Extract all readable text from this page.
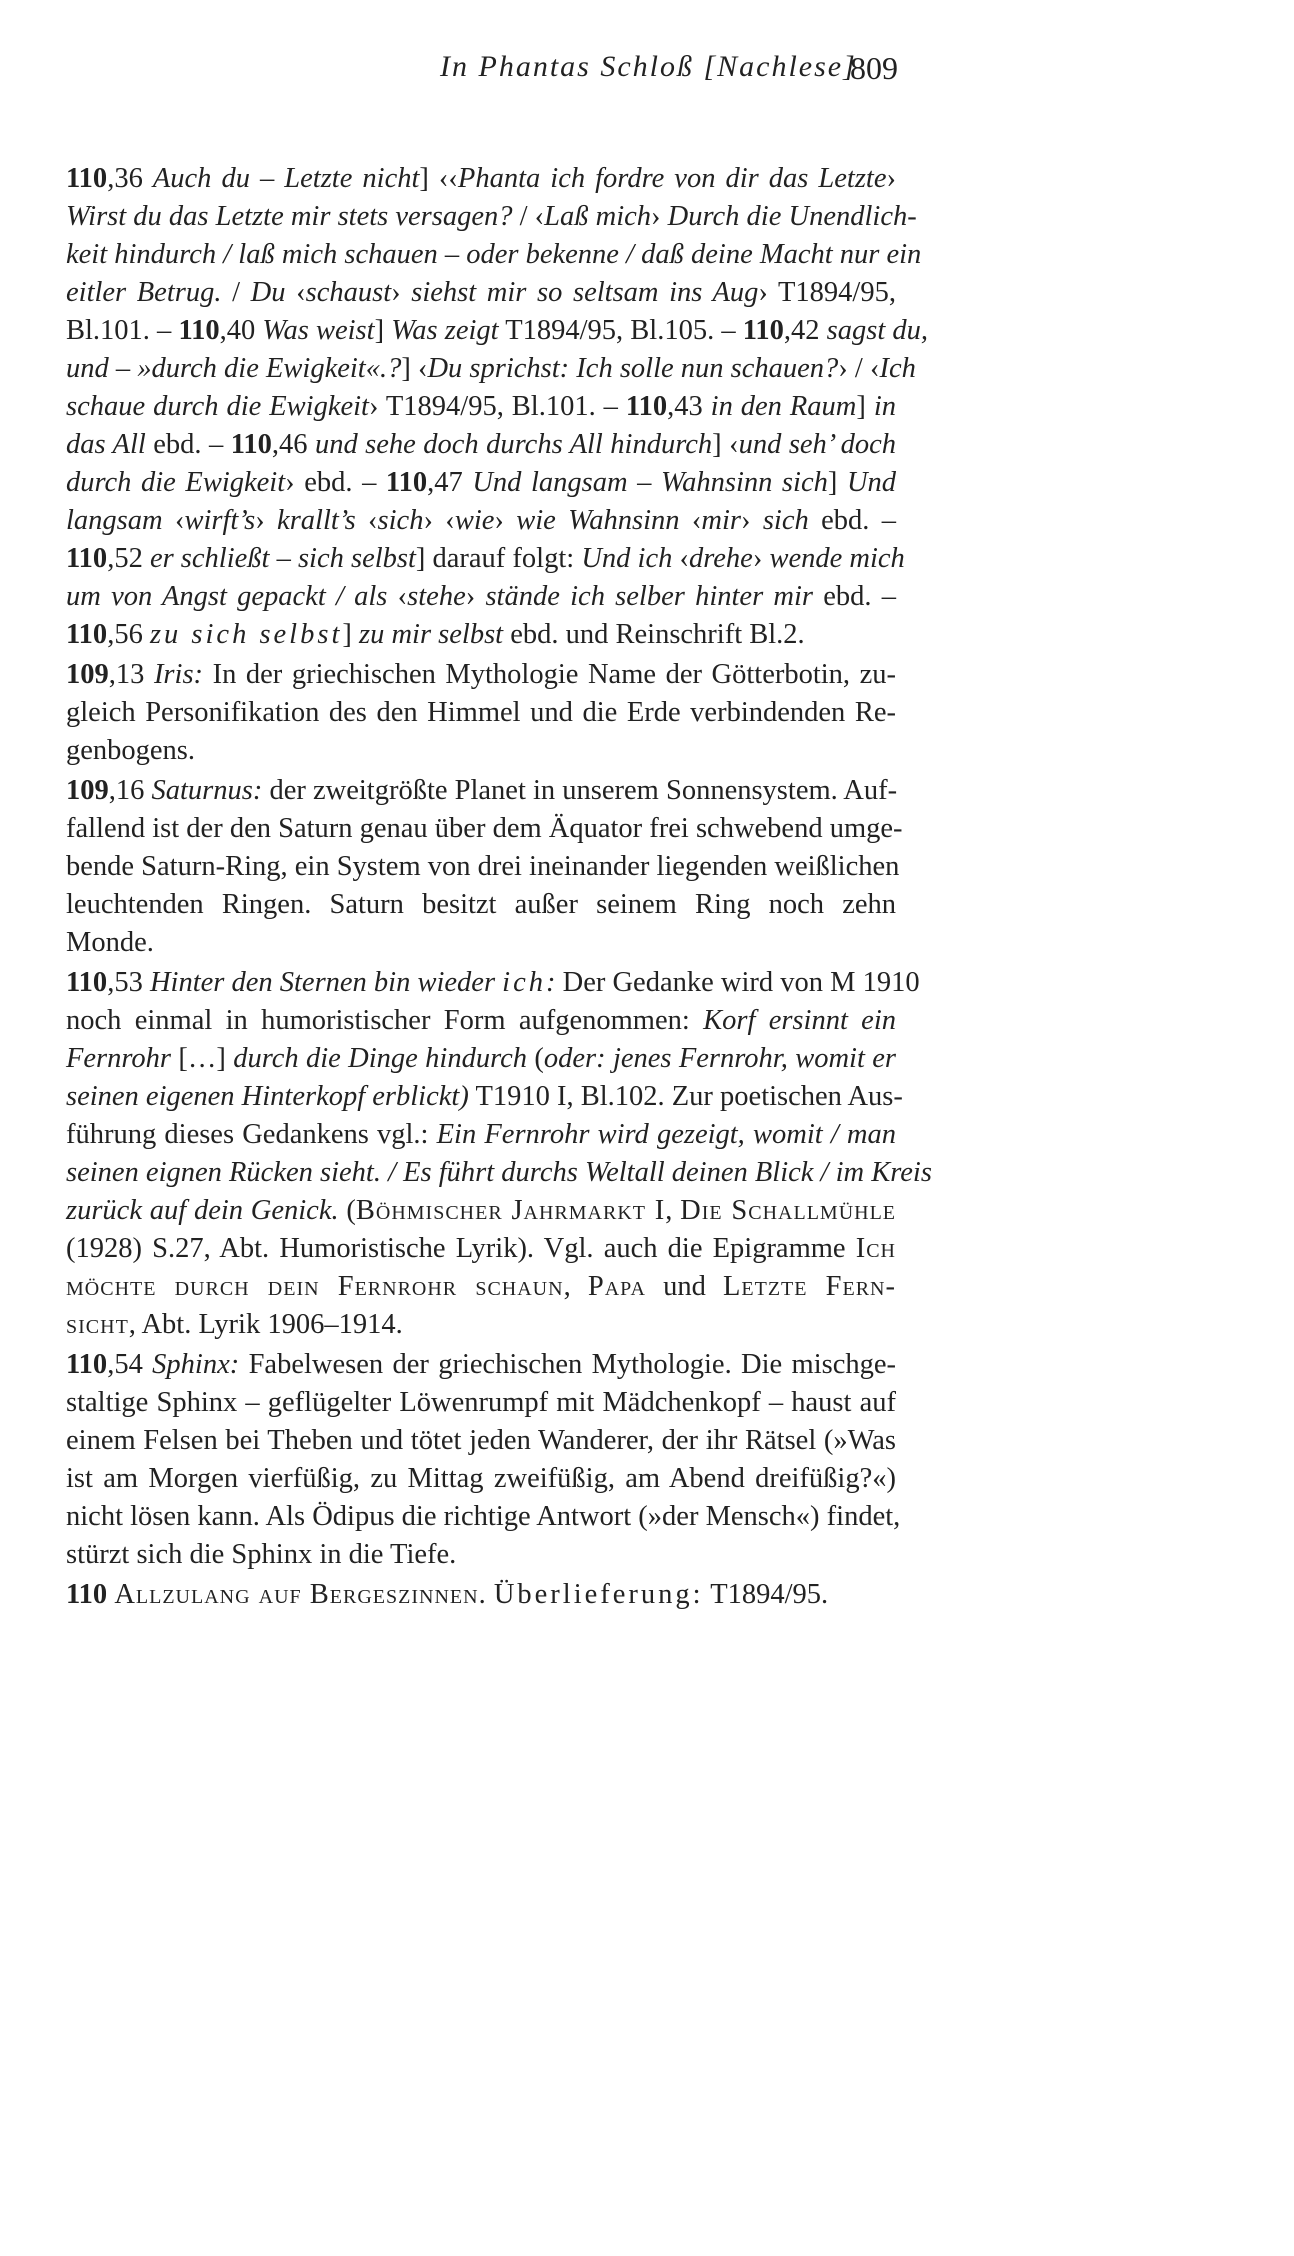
In Phantas Schloß [Nachlese]
809
110,36 Auch du – Letzte nicht] ‹‹Phanta ich fordre von dir das Letzte›
Wirst du das Letzte mir stets versagen? / ‹Laß mich› Durch die Unendlich-
keit hindurch / laß mich schauen – oder bekenne / daß deine Macht nur ein
eitler Betrug. / Du ‹schaust› siehst mir so seltsam ins Aug› T1894/95,
Bl.101. – 110,40 Was weist] Was zeigt T1894/95, Bl.105. – 110,42 sagst du,
und – »durch die Ewigkeit«.?] ‹Du sprichst: Ich solle nun schauen?› / ‹Ich
schaue durch die Ewigkeit› T1894/95, Bl.101. – 110,43 in den Raum] in
das All ebd. – 110,46 und sehe doch durchs All hindurch] ‹und seh’ doch
durch die Ewigkeit› ebd. – 110,47 Und langsam – Wahnsinn sich] Und
langsam ‹wirft’s› krallt’s ‹sich› ‹wie› wie Wahnsinn ‹mir› sich ebd. –
110,52 er schließt – sich selbst] darauf folgt: Und ich ‹drehe› wende mich
um von Angst gepackt / als ‹stehe› stände ich selber hinter mir ebd. –
110,56 zu sich selbst] zu mir selbst ebd. und Reinschrift Bl.2.
109,13 Iris: In der griechischen Mythologie Name der Götterbotin, zu-
gleich Personifikation des den Himmel und die Erde verbindenden Re-
genbogens.
109,16 Saturnus: der zweitgrößte Planet in unserem Sonnensystem. Auf-
fallend ist der den Saturn genau über dem Äquator frei schwebend umge-
bende Saturn-Ring, ein System von drei ineinander liegenden weißlichen
leuchtenden Ringen. Saturn besitzt außer seinem Ring noch zehn
Monde.
110,53 Hinter den Sternen bin wieder ich: Der Gedanke wird von M 1910
noch einmal in humoristischer Form aufgenommen: Korf ersinnt ein
Fernrohr […] durch die Dinge hindurch (oder: jenes Fernrohr, womit er
seinen eigenen Hinterkopf erblickt) T1910 I, Bl.102. Zur poetischen Aus-
führung dieses Gedankens vgl.: Ein Fernrohr wird gezeigt, womit / man
seinen eignen Rücken sieht. / Es führt durchs Weltall deinen Blick / im Kreis
zurück auf dein Genick. (Böhmischer Jahrmarkt I, Die Schallmühle
(1928) S.27, Abt. Humoristische Lyrik). Vgl. auch die Epigramme Ich
möchte durch dein Fernrohr schaun, Papa und Letzte Fern-
sicht, Abt. Lyrik 1906–1914.
110,54 Sphinx: Fabelwesen der griechischen Mythologie. Die mischge-
staltige Sphinx – geflügelter Löwenrumpf mit Mädchenkopf – haust auf
einem Felsen bei Theben und tötet jeden Wanderer, der ihr Rätsel (»Was
ist am Morgen vierfüßig, zu Mittag zweifüßig, am Abend dreifüßig?«)
nicht lösen kann. Als Ödipus die richtige Antwort (»der Mensch«) findet,
stürzt sich die Sphinx in die Tiefe.
110 Allzulang auf Bergeszinnen. Überlieferung: T1894/95.
